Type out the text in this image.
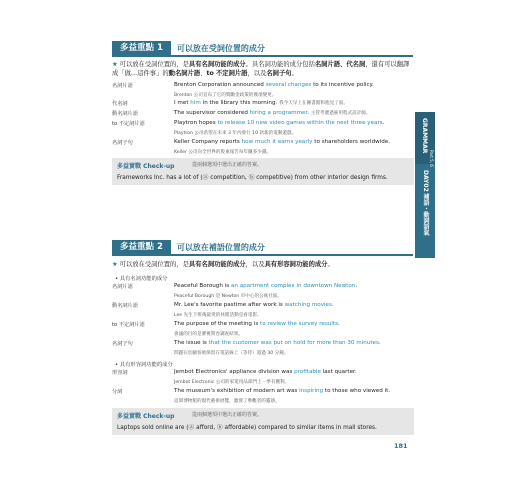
多益重點 1	可以放在受詞位置的成分
★ 可以放在受詞位置的，是具有名詞功能的成分。具名詞功能的成分包括名詞片語、代名詞，還有可以翻譯成「做…這件事」的動名詞片語、to 不定詞片語，以及名詞子句。
名詞片語	Brenton Corporation announced several changes to its incentive policy.
Brenton 公司宣布了它的獎勵金政策的幾項變更。
代名詞	I met him in the library this morning. 我今天早上在圖書館和他見了面。
動名詞片語	The supervisor considered hiring a programmer. 主管考慮過雇用程式設計師。
to 不定詞片語	Playtron hopes to release 10 new video games within the next three years.
Playtron 公司希望在未來 3 年內發行 10 款新的電動遊戲。
名詞子句	Keller Company reports how much it earns yearly to shareholders worldwide.
Keller 公司向全世界的股東報告每年賺多少錢。
多益實戰 Check-up	從兩個選項中選出正確的答案。
Frameworks Inc. has a lot of (ⓐ competition, ⓑ competitive) from other interior design firms.
多益重點 2	可以放在補語位置的成分
★ 可以放在受詞位置的，是具有名詞功能的成分，以及具有形容詞功能的成分。
• 具有名詞功能的成分
名詞片語	Peaceful Borough is an apartment complex in downtown Newton.
Peaceful Borough 是 Newton 市中心的公寓社區。
動名詞片語	Mr. Lee's favorite pastime after work is watching movies.
Lee 先生下班後最愛的休閒活動是看電影。
to 不定詞片語	The purpose of the meeting is to review the survey results.
會議的目的是審視問卷調查結果。
名詞子句	The issue is that the customer was put on hold for more than 30 minutes.
問題在於顧客被保留在電話線上（等待）超過 30 分鐘。
• 具有形容詞功能的成分
形容詞	Jembot Electronics' appliance division was profitable last quarter.
Jembot Electronic 公司的家電用品部門上一季有獲利。
分詞	The museum's exhibition of modern art was inspiring to those who viewed it.
這間博物館的現代藝術展覽，激發了參觀者的靈感。
多益實戰 Check-up	從兩個選項中選出正確的答案。
Laptops sold online are (ⓐ afford, ⓑ affordable) compared to similar items in mall stores.
GRAMMAR
Part 5, 6
DAY02 補語・動詞語氣
181
